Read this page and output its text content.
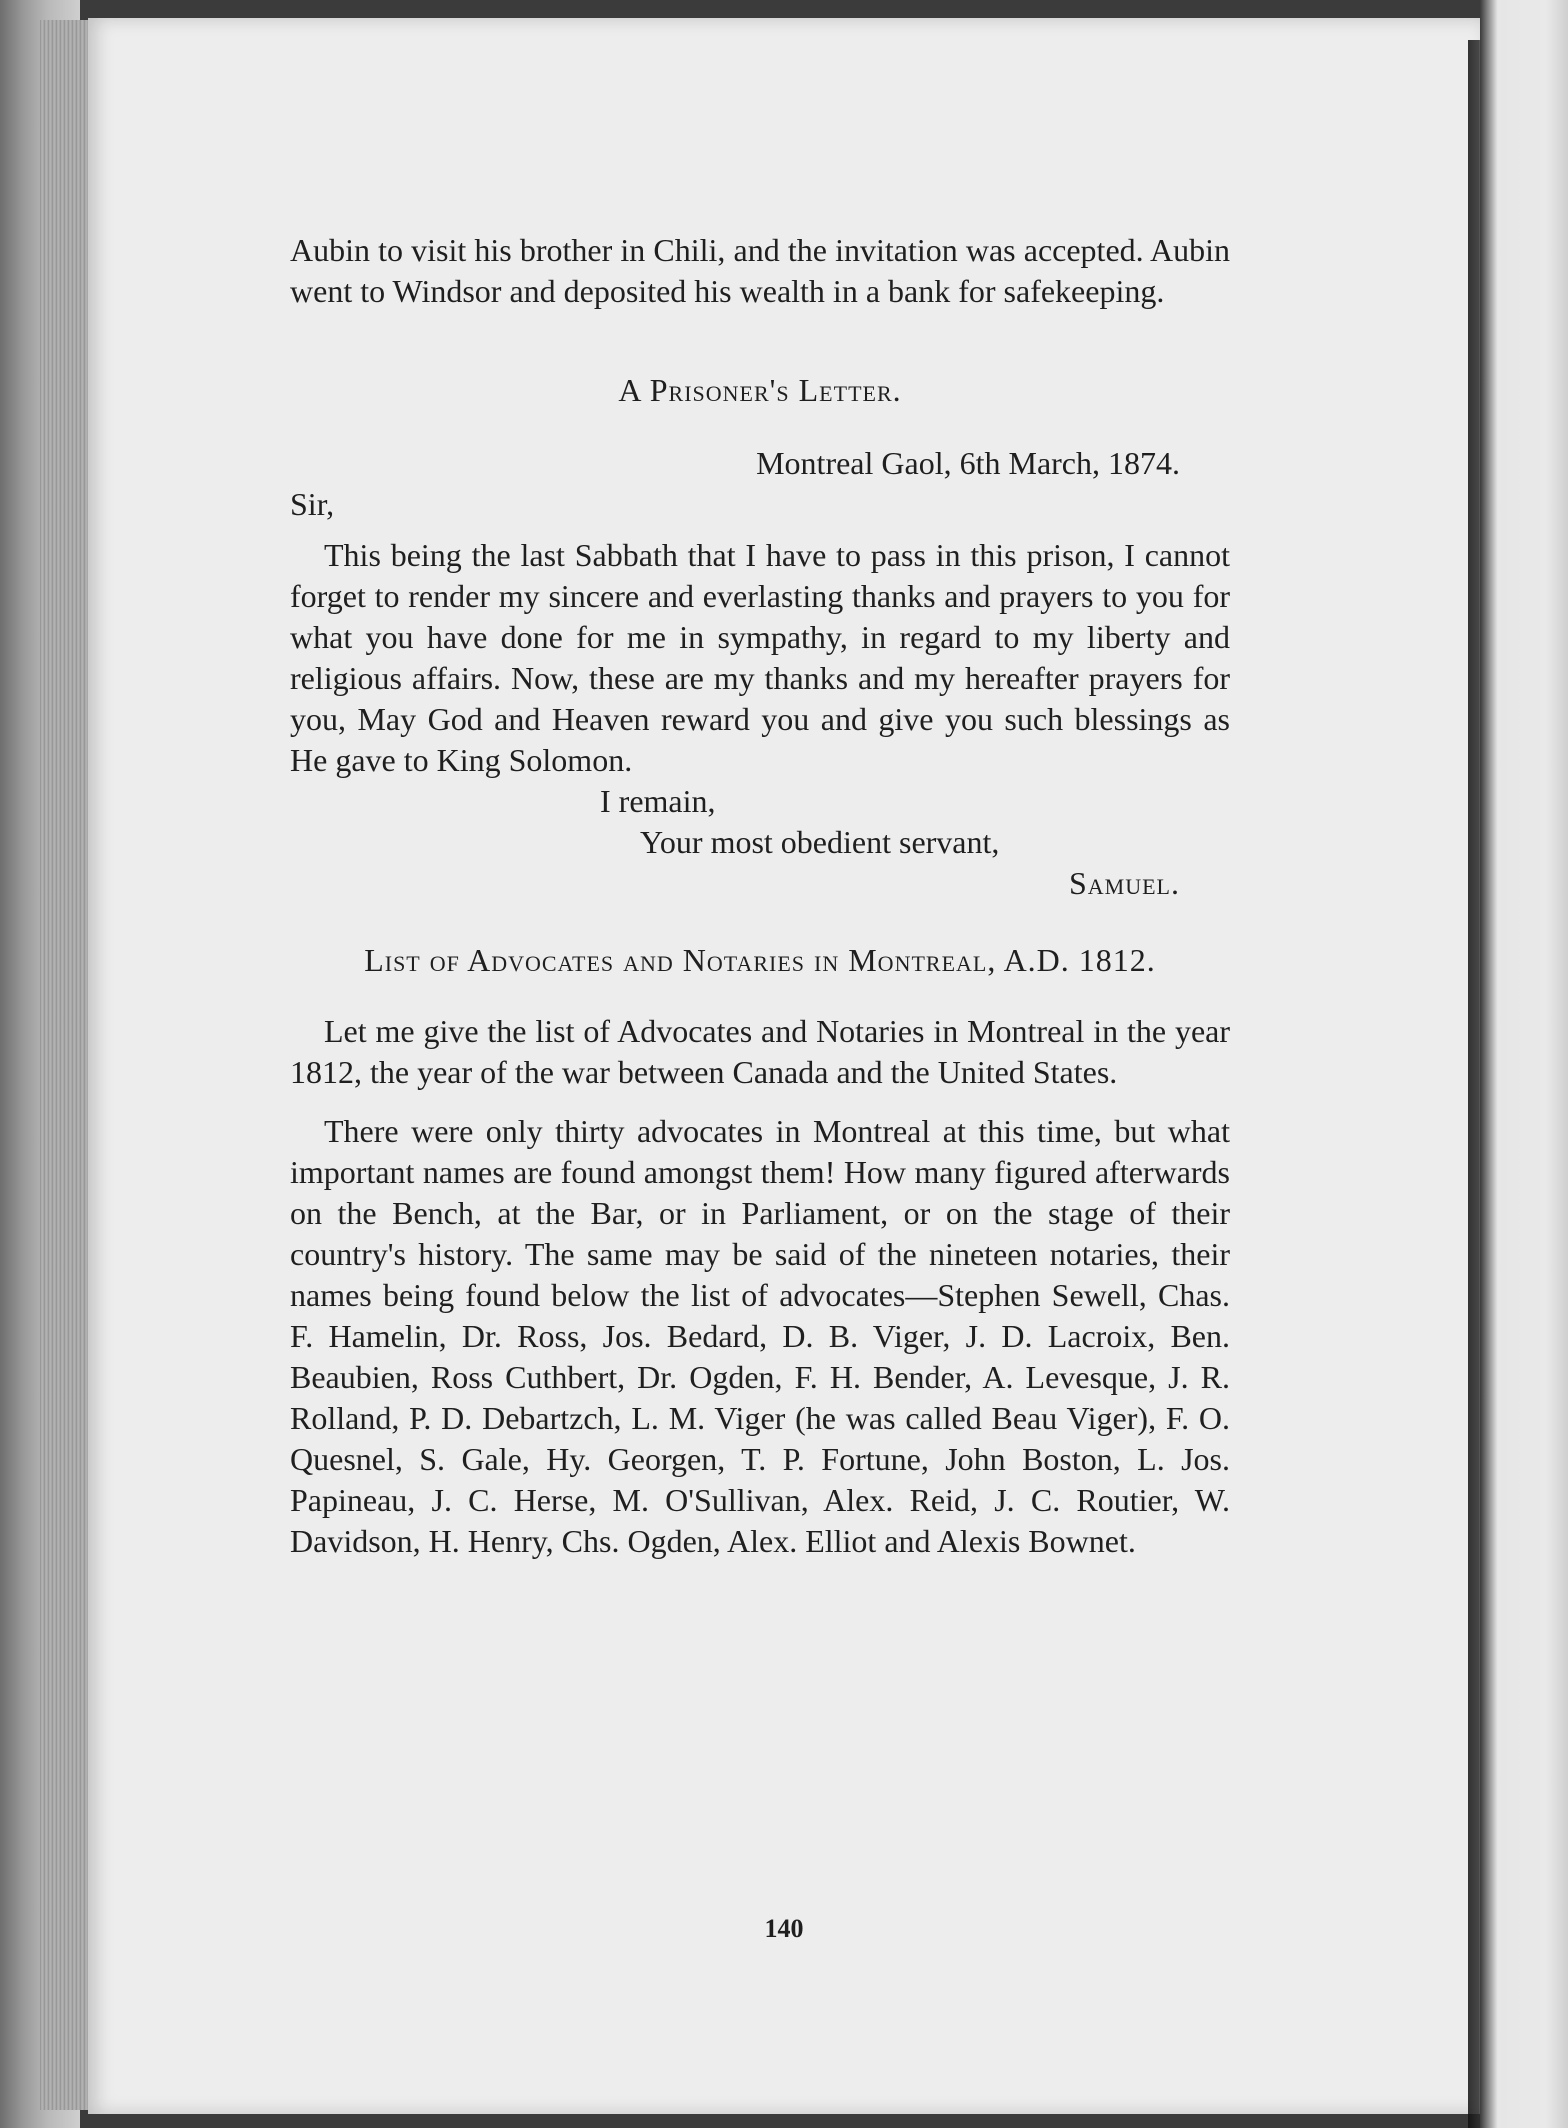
Aubin to visit his brother in Chili, and the invitation was accepted. Aubin went to Windsor and deposited his wealth in a bank for safekeeping.

A Prisoner's Letter.

Montreal Gaol, 6th March, 1874.

Sir,

This being the last Sabbath that I have to pass in this prison, I cannot forget to render my sincere and everlasting thanks and prayers to you for what you have done for me in sympathy, in regard to my liberty and religious affairs. Now, these are my thanks and my hereafter prayers for you, May God and Heaven reward you and give you such blessings as He gave to King Solomon.

I remain,

Your most obedient servant,

Samuel.

List of Advocates and Notaries in Montreal, A.D. 1812.

Let me give the list of Advocates and Notaries in Montreal in the year 1812, the year of the war between Canada and the United States.

There were only thirty advocates in Montreal at this time, but what important names are found amongst them! How many figured afterwards on the Bench, at the Bar, or in Parliament, or on the stage of their country's history. The same may be said of the nineteen notaries, their names being found below the list of advocates—Stephen Sewell, Chas. F. Hamelin, Dr. Ross, Jos. Bedard, D. B. Viger, J. D. Lacroix, Ben. Beaubien, Ross Cuthbert, Dr. Ogden, F. H. Bender, A. Levesque, J. R. Rolland, P. D. Debartzch, L. M. Viger (he was called Beau Viger), F. O. Quesnel, S. Gale, Hy. Georgen, T. P. Fortune, John Boston, L. Jos. Papineau, J. C. Herse, M. O'Sullivan, Alex. Reid, J. C. Routier, W. Davidson, H. Henry, Chs. Ogden, Alex. Elliot and Alexis Bownet.

140
